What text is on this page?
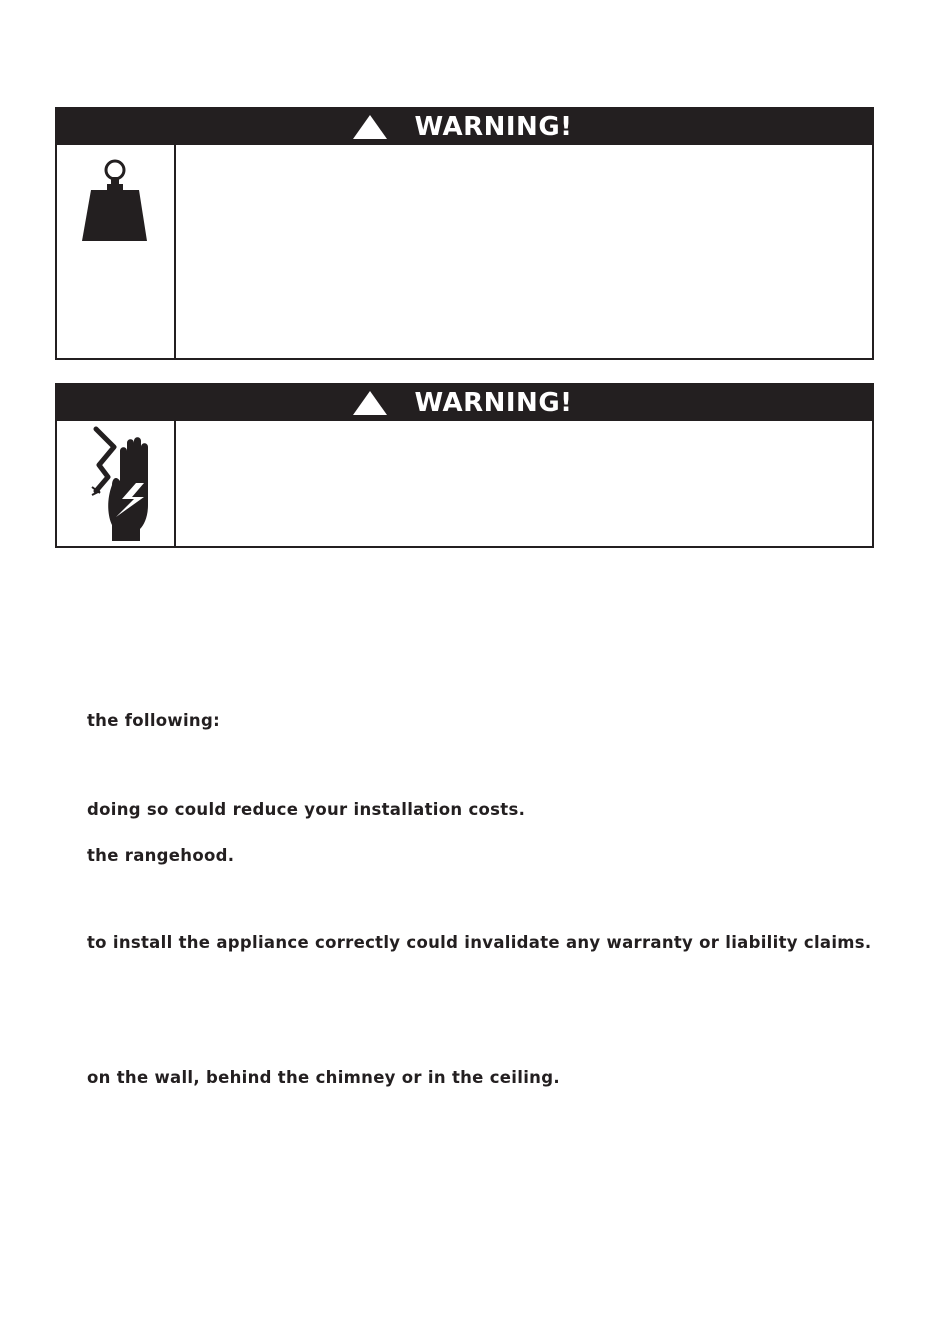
WARNING!
WARNING!
the following:
doing so could reduce your installation costs.
the rangehood.
to install the appliance correctly could invalidate any warranty or liability claims.
on the wall, behind the chimney or in the ceiling.
